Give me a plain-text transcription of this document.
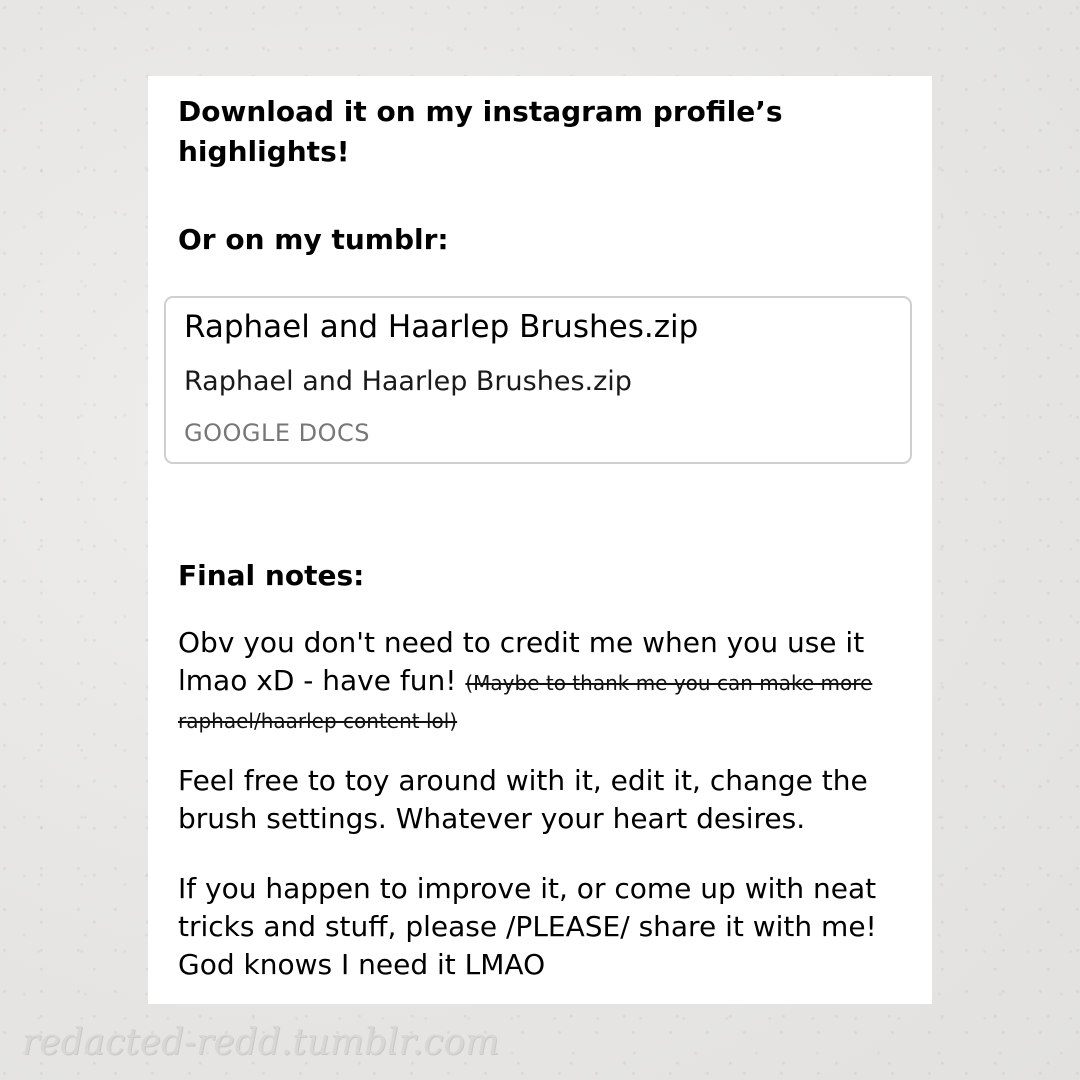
Download it on my instagram profile’s highlights!

Or on my tumblr:

Raphael and Haarlep Brushes.zip
Raphael and Haarlep Brushes.zip
GOOGLE DOCS

Final notes:

Obv you don't need to credit me when you use it lmao xD - have fun! (Maybe to thank me you can make more raphael/haarlep content lol)

Feel free to toy around with it, edit it, change the brush settings. Whatever your heart desires.

If you happen to improve it, or come up with neat tricks and stuff, please /PLEASE/ share it with me! God knows I need it LMAO

redacted-redd.tumblr.com
